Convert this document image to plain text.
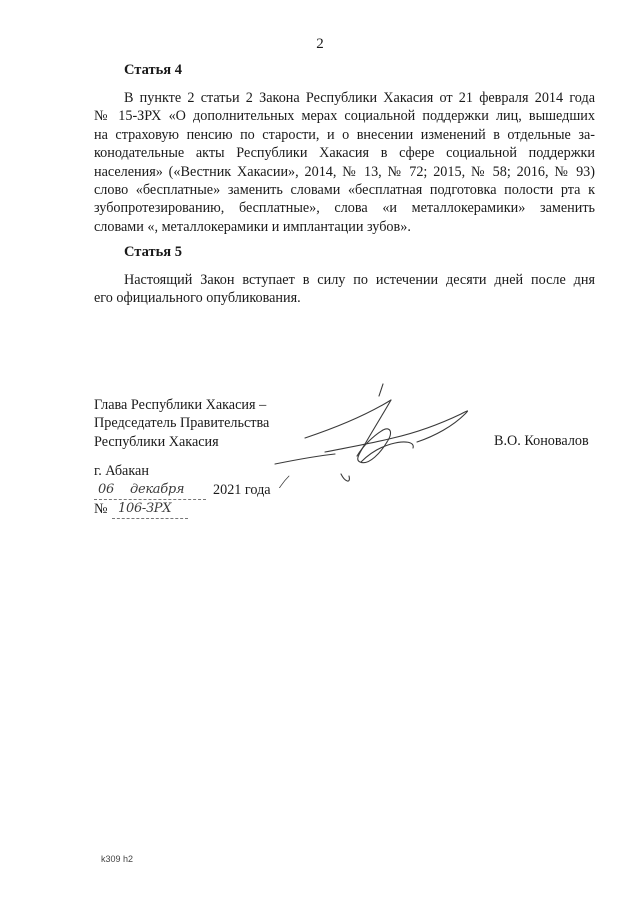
2
Статья 4
В пункте 2 статьи 2 Закона Республики Хакасия от 21 февраля 2014 года
№ 15-ЗРХ «О дополнительных мерах социальной поддержки лиц, вышедших
на страховую пенсию по старости, и о внесении изменений в отдельные за-
конодательные акты Республики Хакасия в сфере социальной поддержки
населения» («Вестник Хакасии», 2014, № 13, № 72; 2015, № 58; 2016, № 93)
слово «бесплатные» заменить словами «бесплатная подготовка полости рта к
зубопротезированию, бесплатные», слова «и металлокерамики» заменить
словами «, металлокерамики и имплантации зубов».
Статья 5
Настоящий Закон вступает в силу по истечении десяти дней после дня
его официального опубликования.
Глава Республики Хакасия –
Председатель Правительства
Республики Хакасия	В.О. Коновалов
г. Абакан
06 декабря 2021 года
№ 106-ЗРХ
k309 h2
